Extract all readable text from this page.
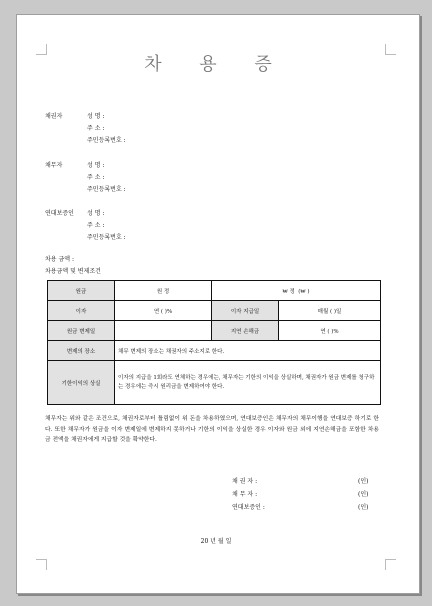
차 용 증
채권자	성 명 :
주 소 :
주민등록번호 :
채무자	성 명 :
주 소 :
주민등록번호 :
연대보증인 성 명 :
주 소 :
주민등록번호 :
차용 금액 :
차용금액 및 변제조건
원금	원 정	₩ 정 (₩ )	
이자	연 ( )%	이자 지급일	매월 ( )일
원금 변제일		지연 손해금	연 ( )%
변제의 장소	채무 변제의 장소는 채권자의 주소지로 한다.		
기한이익의 상실	이자의 지급을 1회라도 연체하는 경우에는, 채무자는 기한의 이익을 상실하며, 채권자가 원금 변제를 청구하는 경우에는 즉시 원리금을 변제하여야 한다.		
채무자는 위와 같은 조건으로, 채권자로부터 틀림없이 위 돈을 차용하였으며, 연대보증인은 채무자의 채무이행을 연대보증 하기로 한다. 또한 채무자가 원금을 이자 변제일에 변제하지 못하거나 기한의 이익을 상실한 경우 이자와 원금 외에 지연손해금을 포함한 차용금 전액을 채권자에게 지급할 것을 확약한다.
채 권 자 :	(인)
채 무 자 :	(인)
연대보증인 :	(인)
20 년 월 일
